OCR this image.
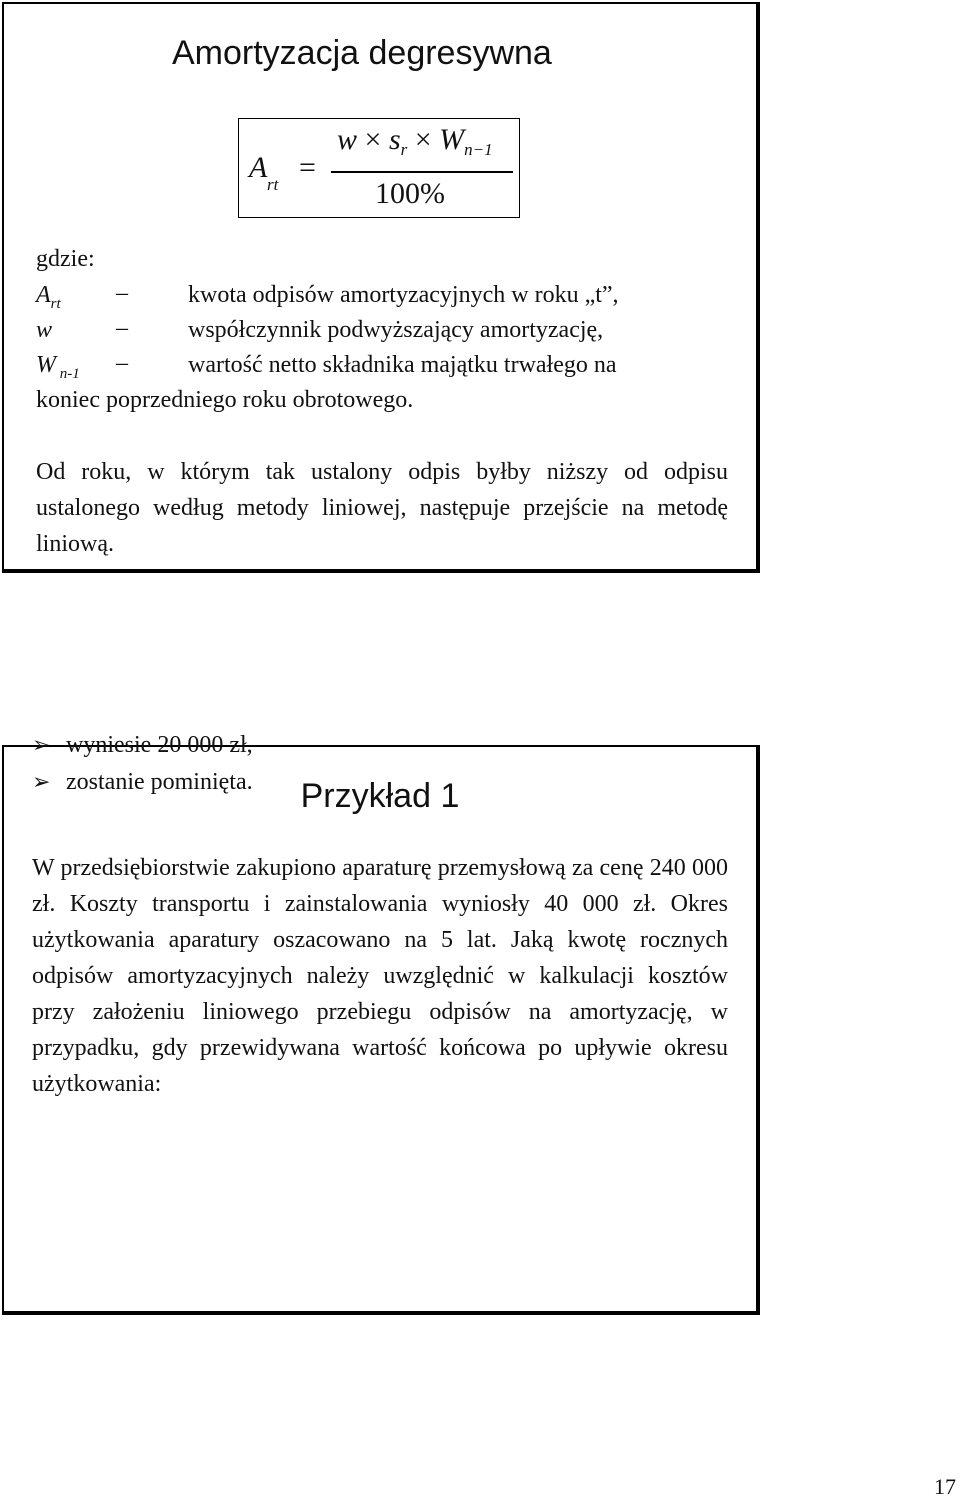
Amortyzacja degresywna
A
rt
=
$w \times s_r \times W_{n-1}$
100%
gdzie:
$A_{rt}$ –	kwota odpisów amortyzacyjnych w roku „t”,
w	–	współczynnik podwyższający amortyzację,
W $_{n-1}$ –	wartość netto składnika majątku trwałego na
koniec poprzedniego roku obrotowego.
Od roku, w którym tak ustalony odpis byłby niższy od odpisu ustalonego według metody liniowej, następuje przejście na metodę liniową.
Przykład 1
W przedsiębiorstwie zakupiono aparaturę przemysłową za cenę 240 000 zł. Koszty transportu i zainstalowania wyniosły 40 000 zł. Okres użytkowania aparatury oszacowano na 5 lat. Jaką kwotę rocznych odpisów amortyzacyjnych należy uwzględnić w kalkulacji kosztów przy założeniu liniowego przebiegu odpisów na amortyzację, w przypadku, gdy przewidywana wartość końcowa po upływie okresu użytkowania:
➢ wyniesie 20 000 zł,
➢ zostanie pominięta.
17
